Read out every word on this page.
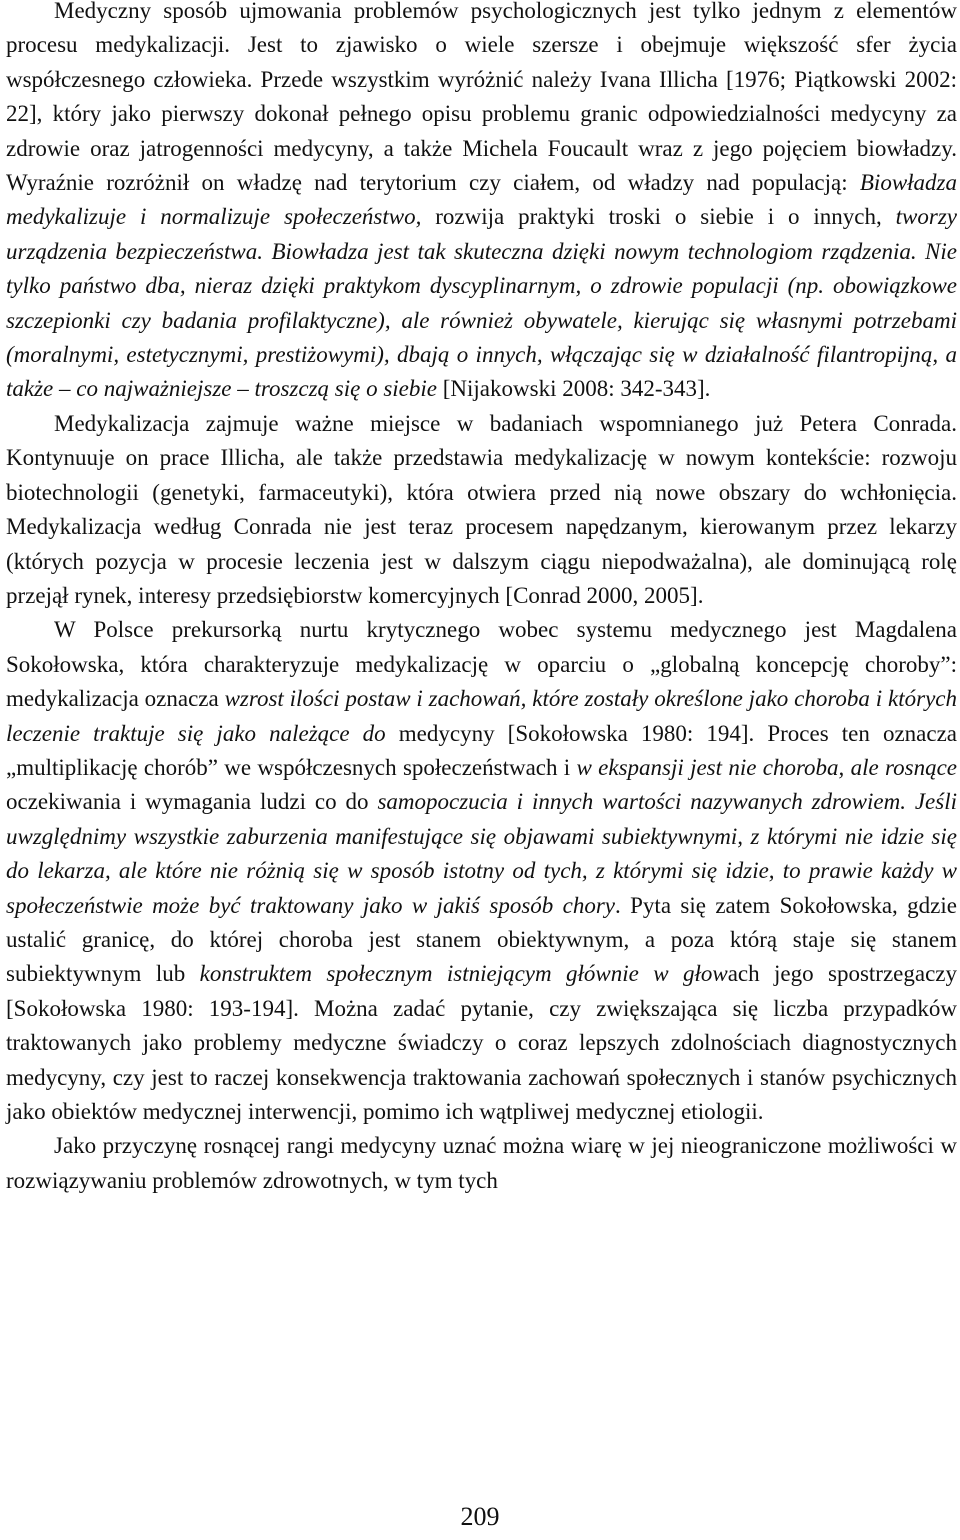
Medyczny sposób ujmowania problemów psychologicznych jest tylko jednym z elementów procesu medykalizacji. Jest to zjawisko o wiele szersze i obejmuje większość sfer życia współczesnego człowieka. Przede wszystkim wyróżnić należy Ivana Illicha [1976; Piątkowski 2002: 22], który jako pierwszy dokonał pełnego opisu problemu granic odpowiedzialności medycyny za zdrowie oraz jatrogenności medycyny, a także Michela Foucault wraz z jego pojęciem biowładzy. Wyraźnie rozróżnił on władzę nad terytorium czy ciałem, od władzy nad populacją: Biowładza medykalizuje i normalizuje społeczeństwo, rozwija praktyki troski o siebie i o innych, tworzy urządzenia bezpieczeństwa. Biowładza jest tak skuteczna dzięki nowym technologiom rządzenia. Nie tylko państwo dba, nieraz dzięki praktykom dyscyplinarnym, o zdrowie populacji (np. obowiązkowe szczepionki czy badania profilaktyczne), ale również obywatele, kierując się własnymi potrzebami (moralnymi, estetycznymi, prestiżowymi), dbają o innych, włączając się w działalność filantropijną, a także – co najważniejsze – troszczą się o siebie [Nijakowski 2008: 342-343].

Medykalizacja zajmuje ważne miejsce w badaniach wspomnianego już Petera Conrada. Kontynuuje on prace Illicha, ale także przedstawia medykalizację w nowym kontekście: rozwoju biotechnologii (genetyki, farmaceutyki), która otwiera przed nią nowe obszary do wchłonięcia. Medykalizacja według Conrada nie jest teraz procesem napędzanym, kierowanym przez lekarzy (których pozycja w procesie leczenia jest w dalszym ciągu niepodważalna), ale dominującą rolę przejął rynek, interesy przedsiębiorstw komercyjnych [Conrad 2000, 2005].

W Polsce prekursorką nurtu krytycznego wobec systemu medycznego jest Magdalena Sokołowska, która charakteryzuje medykalizację w oparciu o „globalną koncepcję choroby”: medykalizacja oznacza wzrost ilości postaw i zachowań, które zostały określone jako choroba i których leczenie traktuje się jako należące do medycyny [Sokołowska 1980: 194]. Proces ten oznacza „multiplikację chorób” we współczesnych społeczeństwach i w ekspansji jest nie choroba, ale rosnące oczekiwania i wymagania ludzi co do samopoczucia i innych wartości nazywanych zdrowiem. Jeśli uwzględnimy wszystkie zaburzenia manifestujące się objawami subiektywnymi, z którymi nie idzie się do lekarza, ale które nie różnią się w sposób istotny od tych, z którymi się idzie, to prawie każdy w społeczeństwie może być traktowany jako w jakiś sposób chory. Pyta się zatem Sokołowska, gdzie ustalić granicę, do której choroba jest stanem obiektywnym, a poza którą staje się stanem subiektywnym lub konstruktem społecznym istniejącym głównie w głowach jego spostrzegaczy [Sokołowska 1980: 193-194]. Można zadać pytanie, czy zwiększająca się liczba przypadków traktowanych jako problemy medyczne świadczy o coraz lepszych zdolnościach diagnostycznych medycyny, czy jest to raczej konsekwencja traktowania zachowań społecznych i stanów psychicznych jako obiektów medycznej interwencji, pomimo ich wątpliwej medycznej etiologii.

Jako przyczynę rosnącej rangi medycyny uznać można wiarę w jej nieograniczone możliwości w rozwiązywaniu problemów zdrowotnych, w tym tych

209
